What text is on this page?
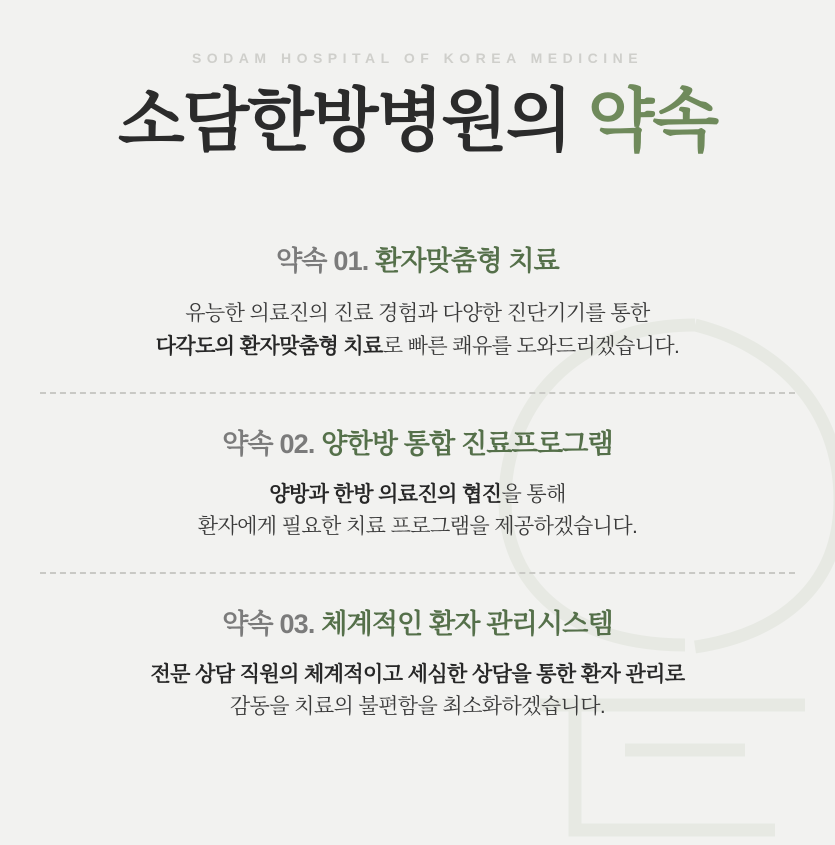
SODAM HOSPITAL OF KOREA MEDICINE
소담한방병원의 약속
약속 01. 환자맞춤형 치료
유능한 의료진의 진료 경험과 다양한 진단기기를 통한
다각도의 환자맞춤형 치료로 빠른 쾌유를 도와드리겠습니다.
약속 02. 양한방 통합 진료프로그램
양방과 한방 의료진의 협진을 통해
환자에게 필요한 치료 프로그램을 제공하겠습니다.
약속 03. 체계적인 환자 관리시스템
전문 상담 직원의 체계적이고 세심한 상담을 통한 환자 관리로
감동을 치료의 불편함을 최소화하겠습니다.
